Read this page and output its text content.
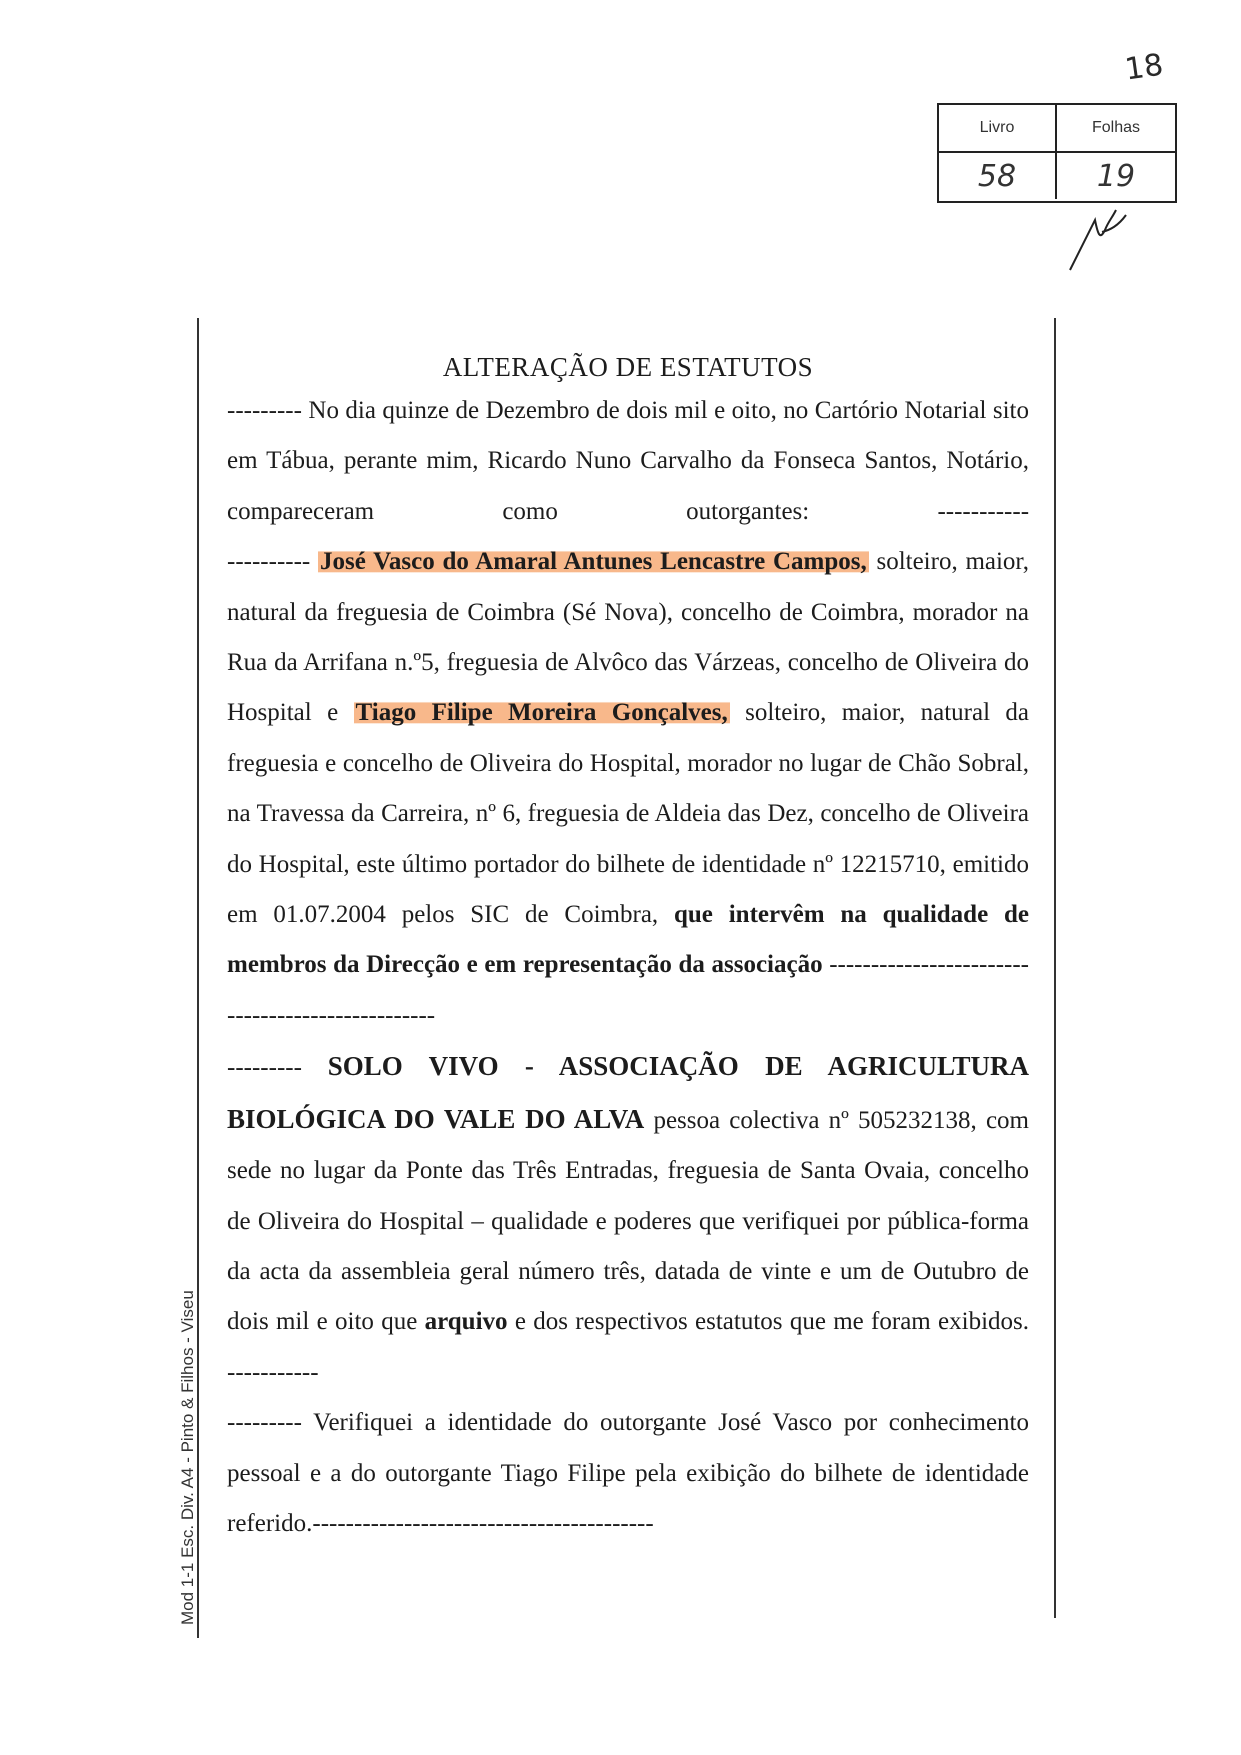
18
Livro	Folhas
58	19
Mod 1-1 Esc. Div. A4 - Pinto & Filhos - Viseu
ALTERAÇÃO DE ESTATUTOS

--------- No dia quinze de Dezembro de dois mil e oito, no Cartório Notarial sito em Tábua, perante mim, Ricardo Nuno Carvalho da Fonseca Santos, Notário, compareceram como outorgantes:	-----------

---------- José Vasco do Amaral Antunes Lencastre Campos, solteiro, maior, natural da freguesia de Coimbra (Sé Nova), concelho de Coimbra, morador na Rua da Arrifana n.º5, freguesia de Alvôco das Várzeas, concelho de Oliveira do Hospital e Tiago Filipe Moreira Gonçalves, solteiro, maior, natural da freguesia e concelho de Oliveira do Hospital, morador no lugar de Chão Sobral, na Travessa da Carreira, nº 6, freguesia de Aldeia das Dez, concelho de Oliveira do Hospital, este último portador do bilhete de identidade nº 12215710, emitido em 01.07.2004 pelos SIC de Coimbra, que intervêm na qualidade de membros da Direcção e em representação da associação -------------------------------------------------

--------- SOLO VIVO - ASSOCIAÇÃO DE AGRICULTURA BIOLÓGICA DO VALE DO ALVA pessoa colectiva nº 505232138, com sede no lugar da Ponte das Três Entradas, freguesia de Santa Ovaia, concelho de Oliveira do Hospital – qualidade e poderes que verifiquei por pública-forma da acta da assembleia geral número três, datada de vinte e um de Outubro de dois mil e oito que arquivo e dos respectivos estatutos que me foram exibidos. -----------

--------- Verifiquei a identidade do outorgante José Vasco por conhecimento pessoal e a do outorgante Tiago Filipe pela exibição do bilhete de identidade referido.-----------------------------------------
